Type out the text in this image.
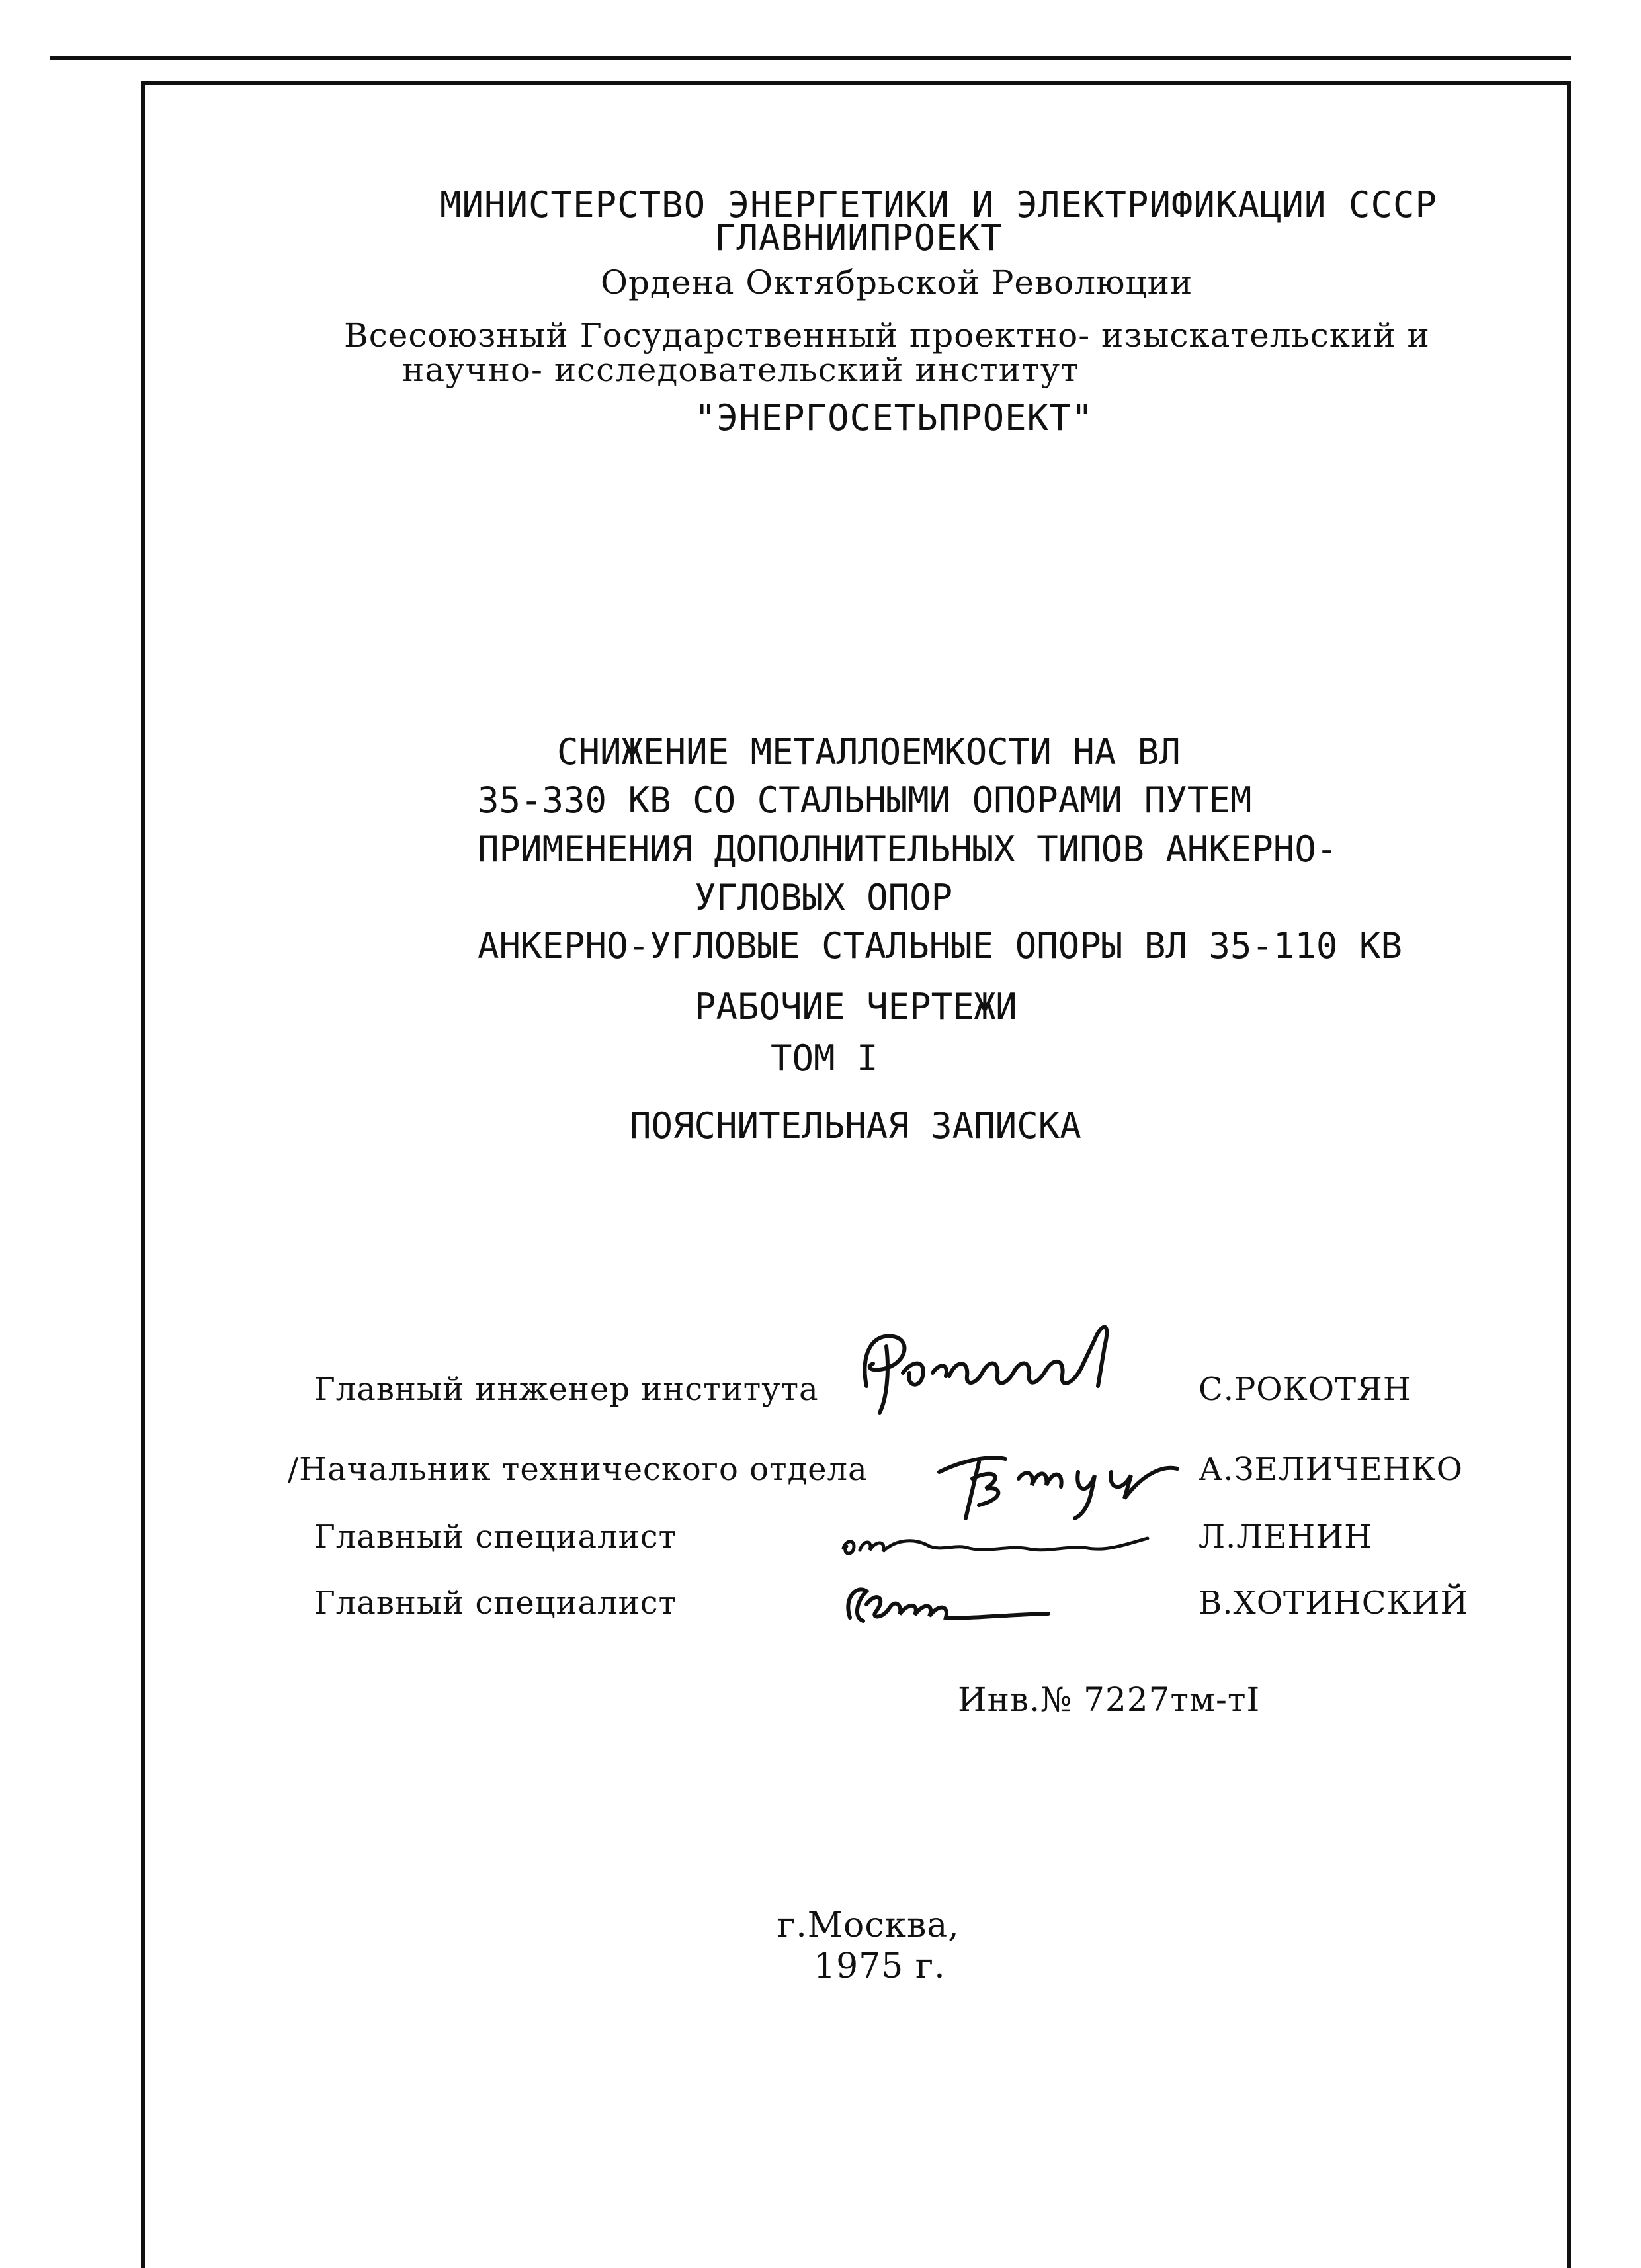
МИНИСТЕРСТВО ЭНЕРГЕТИКИ И ЭЛЕКТРИФИКАЦИИ СССР
ГЛАВНИИПРОЕКТ
Ордена Октябрьской Революции
Всесоюзный Государственный проектно- изыскательский и
научно- исследовательский институт
"ЭНЕРГОСЕТЬПРОЕКТ"
СНИЖЕНИЕ МЕТАЛЛОЕМКОСТИ НА ВЛ
35-330 КВ СО СТАЛЬНЫМИ ОПОРАМИ ПУТЕМ
ПРИМЕНЕНИЯ ДОПОЛНИТЕЛЬНЫХ ТИПОВ АНКЕРНО-
УГЛОВЫХ ОПОР
АНКЕРНО-УГЛОВЫЕ СТАЛЬНЫЕ ОПОРЫ ВЛ 35-110 КВ
РАБОЧИЕ ЧЕРТЕЖИ
ТОМ I
ПОЯСНИТЕЛЬНАЯ ЗАПИСКА
Главный инженер института	С.РОКОТЯН
/Начальник технического отдела	А.ЗЕЛИЧЕНКО
Главный специалист	Л.ЛЕНИН
Главный специалист	В.ХОТИНСКИЙ
Инв.№ 7227тм-тI
г.Москва,
1975 г.
